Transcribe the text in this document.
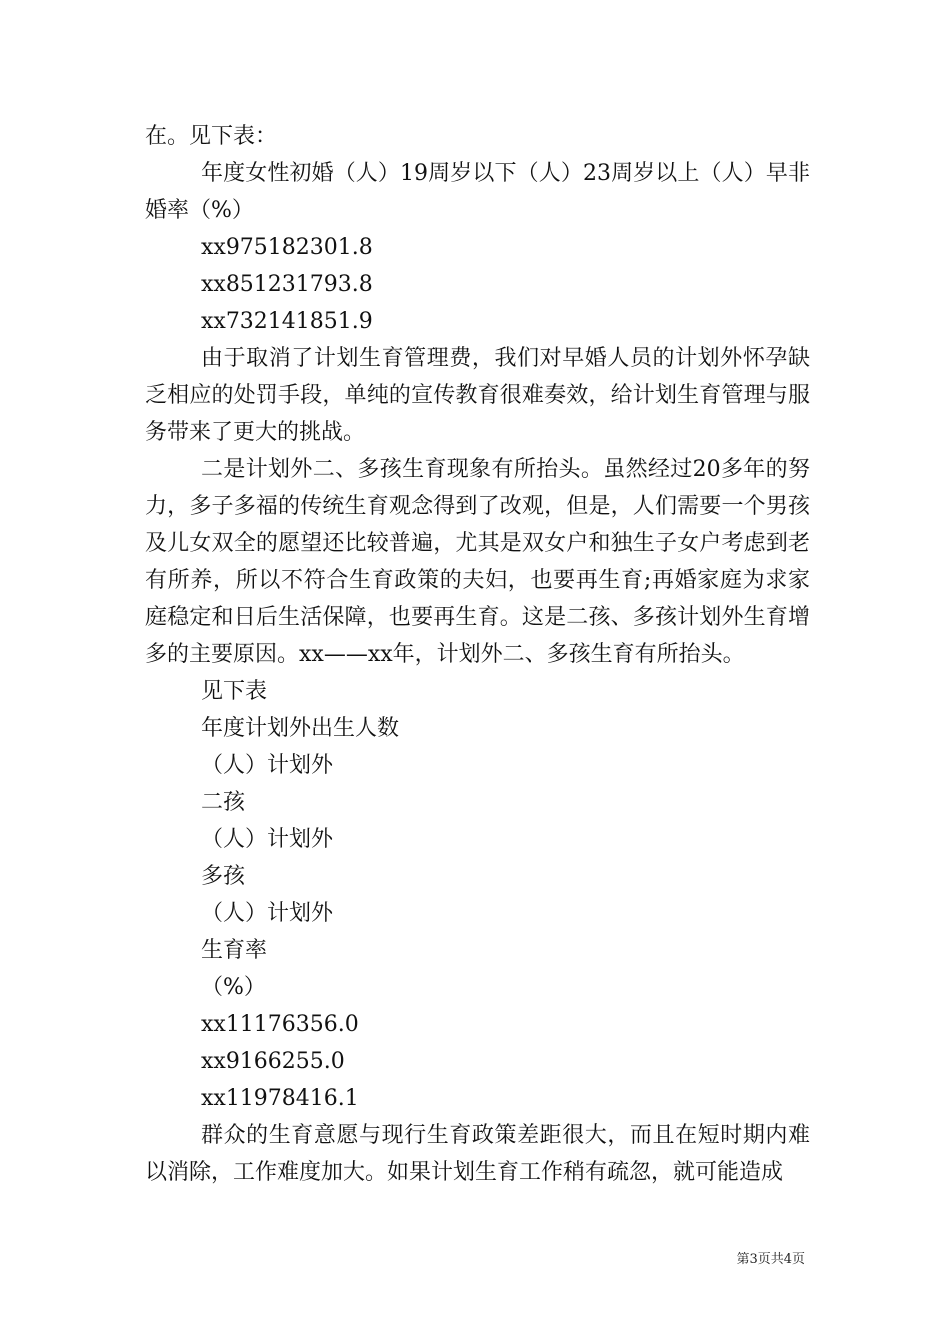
在。见下表：

年度女性初婚（人）19周岁以下（人）23周岁以上（人）早非婚率（%）

xx975182301.8
xx851231793.8
xx732141851.9

由于取消了计划生育管理费，我们对早婚人员的计划外怀孕缺乏相应的处罚手段，单纯的宣传教育很难奏效，给计划生育管理与服务带来了更大的挑战。

二是计划外二、多孩生育现象有所抬头。虽然经过20多年的努力，多子多福的传统生育观念得到了改观，但是，人们需要一个男孩及儿女双全的愿望还比较普遍，尤其是双女户和独生子女户考虑到老有所养，所以不符合生育政策的夫妇，也要再生育;再婚家庭为求家庭稳定和日后生活保障，也要再生育。这是二孩、多孩计划外生育增多的主要原因。xx——xx年，计划外二、多孩生育有所抬头。

见下表
年度计划外出生人数
（人）计划外
二孩
（人）计划外
多孩
（人）计划外
生育率
（%）
xx11176356.0
xx9166255.0
xx11978416.1

群众的生育意愿与现行生育政策差距很大，而且在短时期内难以消除，工作难度加大。如果计划生育工作稍有疏忽，就可能造成

第3页共4页
